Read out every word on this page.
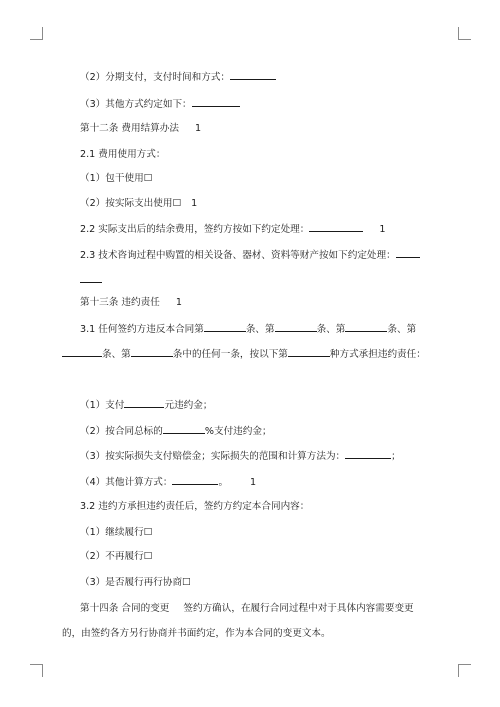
（2）分期支付，支付时间和方式：
（3）其他方式约定如下：
第十二条 费用结算办法 1
2.1 费用使用方式：
（1）包干使用☐
（2）按实际支出使用☐ 1
2.2 实际支出后的结余费用，签约方按如下约定处理：	1
2.3 技术咨询过程中购置的相关设备、器材、资料等财产按如下约定处理：
第十三条 违约责任 1
3.1 任何签约方违反本合同第	条、第	条、第	条、第
条、第	条中的任何一条，按以下第	种方式承担违约责任：
（1）支付	元违约金；
（2）按合同总标的	%支付违约金；
（3）按实际损失支付赔偿金；实际损失的范围和计算方法为：	；
（4）其他计算方式：	。 1
3.2 违约方承担违约责任后，签约方约定本合同内容：
（1）继续履行☐
（2）不再履行☐
（3）是否履行再行协商☐
第十四条 合同的变更 签约方确认，在履行合同过程中对于具体内容需要变更
的，由签约各方另行协商并书面约定，作为本合同的变更文本。
